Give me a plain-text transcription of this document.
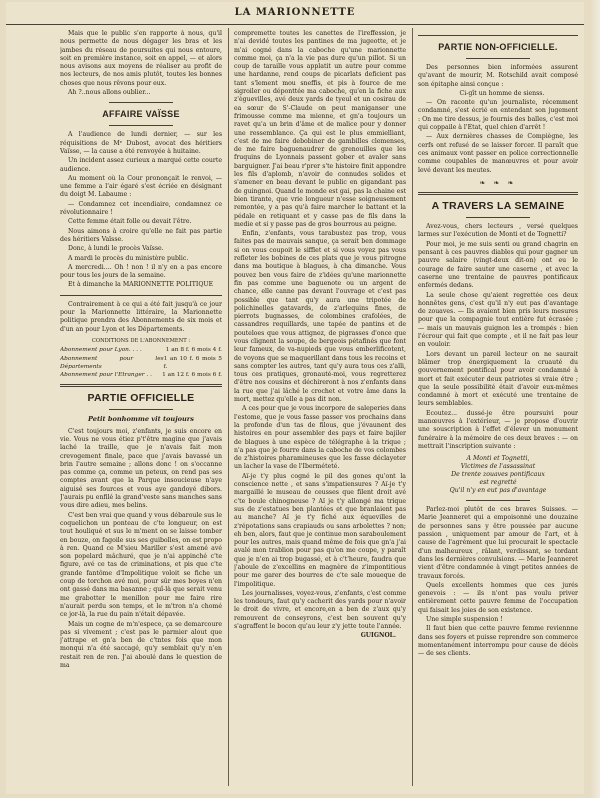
LA MARIONNETTE

Mais que le public s'en rapporte à nous, qu'il nous permette de nous dégager les bras et les jambes du réseau de poursuites qui nous entoure, soit en première instance, soit en appel, — et alors nous avisons aux moyens de réaliser au profit de nos lecteurs, de nos amis plutôt, toutes les bonnes choses que nous rêvons pour eux.

Ah ?..nous allons oublier...

AFFAIRE VAÏSSE

A l'audience de lundi dernier, — sur les réquisitions de Mᵉ Dubost, avocat des héritiers Vaïsse, — la cause a été renvoyée à huitaine.

Un incident assez curieux a marqué cette courte audience.

Au moment où la Cour prononçait le renvoi, — une femme a l'air égaré s'est écriée en désignant du doigt M. Labaume :

— Condamnez cet incendiaire, condamnez ce révolutionnaire !

Cette femme était folle ou devait l'être.

Nous aimons à croire qu'elle ne fait pas partie des héritiers Vaïsse.

Donc, à lundi le procès Vaïsse.

A mardi le procès du ministère public.

A mercredi.... Oh ! non ! il n'y en a pas encore pour tous les jours de la semaine.

Et à dimanche la MARIONNETTE POLITIQUE

Contrairement à ce qui a été fait jusqu'à ce jour pour la Marionnette littéraire, la Marionnette politique prendra des Abonnements de six mois et d'un an pour Lyon et les Départements.

CONDITIONS DE L'ABONNEMENT :

Abonnement pour Lyon. . . .	1 an 8 f. 6 mois 4 f.
Abonnement pour les Départements
1 an 10 f. 6 mois 5 f.
Abonnement pour l'Etranger . . 1 an 12 f. 6 mois 6 f.
PARTIE OFFICIELLE
Petit bonhomme vit toujours

C'est toujours moi, z'enfants, je suis encore en vie. Vous ne vous étiez p't'être magine que j'avais laché la traille, que je n'avais fait mon crevogement finale, pace que j'avais bavassé un brin l'autre semaine ; allons donc ! on s'occanne pas comme ça, comme un peteux, on rend pas ses comptes avant que la Parque insoucieuse n'aye aiguisé ses fources et vous aye gandoyé dibors. J'aurais pu enfilé la grand'veste sans manches sans vous dire adieu, mes belins.

C'est ben vrai que quand y vous débaroule sus le coquelichon un ponteau de c'te longueur, on est tout houliqué et sus le m'ment on se laisse tomber en bouze, on fagoile sus ses guibolles, on est propo à ren. Quand ce M'sieu Mariller s'est amené avé son popelard mâchuré, que je n'ai appinché c'te figure, avé ce tas de criminations, et pis que c'te grande fantôme d'Impolitique voloit se fiche un coup de torchon avé moi, pour sûr mes boyes n'en ont gassé dans ma basanne ; quî-là que serait venu me grabotter le menillon pour me faire rire n'aurait perdu son temps, et le m'tron n'a chomé ce jor-là, la rue du pain n'était dépavée.

Mais un cogne de m'n'espece, ça se demarcoure pas si vivement ; c'est pas le parmier alout que j'attrape et gn'a ben de c'tntes fois que mon monqui n'a été saccagé, qu'y semblait qu'y n'en restait ren de ren. J'ai aboulé dans le question de ma

compremette toutes les canettes de l'ireffession, je n'ai devidé toutes les pantines de ma jugeotte, et je m'ai cogné dans la caboche qu'une marionnette comme moi, ça n'a la vie pas dure qu'un pillot. Si un coup de taraille vous applatit un autre pour comme une hardanne, rend coups de picarlats deficient pas tant s'lement mou sneffis, et pis à fource de me sigroiler ou déponttée ma caboche, qu'en la fiche aux z'èguevilles, avé deux yards de tyeul et un cosirau de ea sœur de S'-Claude on peut maniganser une frimousse comme ma mienne, et gn'a toujours un ravet qu'a un brin d'âme et de malice pour y donner une ressemblance. Ça qui est le plus emmielliant, c'est de me faire debobiner de gambilles clemenses, de me faire baguenaudrer de grenouilles que les fruquins de Lyonnais passent gober et avaler sans barguigner. J'ai beau r'prer s'te histoire finit appondre les fils d'aplomb, n'avoir de connudes solides et s'amener en beau devant le public en gigandant pas de guingnoi. Quand le monde est gai, pas la chaine est bien tirante, que vrie longueur n'esse soigneusement remontée, y a pas qu'à faire marcher le battant et la pédale en retiquant et y casse pas de fils dans la medie et si y passe pas de gros bourrous au peigne.

Enfin, z'enfants, vous tarabustez pas trop, vous faites pas de mauvais sanque, ça serait ben dommage si on vous coupoit le sifflet et si vous voyez pas vous refleter les bobines de ces plats que je vous pitrogne dans ma boutique à blagues, à cha dimanche. Vous pouvez ben vous faire de z'idées qu'une marionnette fin pas comme une baguenote ou un argent de chance, elle canne pas devant l'ouvrage et c'est pas possible que tant qu'y aura une tripotée de polichinelles gatavards, de z'arlequins fines, de pierrots bugnasses, de colombines crafolées, de cassandres requillards, une tapée de pantins et de pouteloes que vous attignez, de pigrasses d'once que vous clignent la soupe, de bergeois pétafinés que font leur fameux, de va-nupieds que vous emberlificotent, de voyons que se maquerillant dans tous les recoins et sans compter les autres, tant qu'y aura tous ces z'alli, tous ces pratiques, gronauté-moi, vous regretterez d'être nos cousins et déchireront à nos z'enfants dans la rue que j'ai lâché le crochet et votre âme dans la mort, mettez qu'elle a pas dit non.

A ces pour que je vous incorpore de saleperies dans l'estome, que je vous fasse passer vos prochains dans la profonde d'un tas de filous, que j'évaunent des histoires en pour assembler des pays et faire bajiler de blagues à une espèce de télégraphe à la trique ; n'a pas que je fourre dans la caboche de vos colombes de z'histoires pharamineuses que les fasse déclayeter un lacher la vase de l'Iberméteté.

Aï-je t'y plus cogné le pil des gones qu'ont la conscience nette , et sans s'impatiensures ? Aï-je t'y margaillé le museau de ceusses que filent droit avé c'te boule chinogneuse ? Aï je t'y allongé ma trique sus de z'estatues ben plantées et que branlaient pas au manche? Aï je t'y fiché aux équevilles de z'répotations sans crapiauds ou sans arbolettes ? non; eh ben, alors, faut que je continue mon saraboulement pour les autres, mais quand même de fois que gn'a j'ai avalé mon trablion pour pas qu'on me coupe, y paraît que je n'en ai trop bugassé, et à c't'heure, faudra que j'aboule de z'excellins en magnère de z'impontitious pour me garer des bourres de c'te sale moueque de l'impolitique.

Les journalisses, voyez-vous, z'enfants, c'est comme les tondeurs, faut qu'y cacherit des yards pour n'avoir le droit de vivre, et encore,en a ben de z'aux qu'y remouvent de conseyrons, c'est ben souvent qu'y s'agraffent le bocon qu'au leur z'y jette toute l'année.

GUIGNOL.
PARTIE NON-OFFICIELLE.

Des personnes bien informées assurent qu'avant de mourir, M. Rotschild avait composé son épitaphe ainsi conçue :

Ci-gît un homme de sienss.

— On raconte qu'un journaliste, récemment condamné, s'est écrié en entendant son jugement : On me tire dessus, je fournis des balles, c'est moi qui coppaile à l'Etat, quel chien d'arrêt !

— Aux dernières chasses de Compiègne, les cerfs ont refusé de se laisser forcer. Il paraît que ces animaux vont passer en police correctionnelle comme coupables de manœuvres et pour avoir levé devant les meutes.

❧ ❧ ❧
A TRAVERS LA SEMAINE

Avez-vous, chers lecteurs , versé quelques larmes sur l'exécution de Monti et de Tognetti?

Pour moi, je me suis senti ou grand chagrin en pensant à ces pauvres diables qui pour gagner un pauvre salaire (vingt-deux dit-on) ont eu le courage de faire sauter une caserne , et avec la caserne une trentaine de pauvres pontificaux enfermés dedans.

La seule chose qu'aient regrettée ces deux honnêtes gens, c'est qu'il n'y eut pas d'avantage de zouaves. — Ils avaient bien pris leurs mesures pour que la compagnie tout entière fut écrasée ; — mais un mauvais guignon les a trompés : bien l'écrour qui fait que compte , et il ne fait pas leur en vouloir.

Lors devant un pareil lecteur on ne saurait blâmer trop énergiquement la cruauté du gouvernement pontifical pour avoir condamné à mort et fait exécuter deux patriotes si vraie étre ; que la seule possibilité était d'avoir eux-mêmes condamné à mort et exécuté une trentaine de leurs semblables.

Ecoutez... dussé-je être poursuivi pour manœuvres à l'extérieur, — je propose d'ouvrir une souscription à l'effet d'élever un monument funéraire à la mémoire de ces deux braves : — on mettrait l'inscription suivante :

A Monti et Tognetti,
Victimes de l'assassinat
De trente zouaves pontificaux
est regretté
Qu'il n'y en eut pas d'avantage

Parlez-moi plutôt de ces braves Suisses. — Marie Jeanneret qui a empoisonné une douzaine de personnes sans y être poussée par aucune passion , uniquement par amour de l'art, et à cause de l'agrément que lui procurait le spectacle d'un malheureux , râlant, verdissant, se tordant dans les dernières convulsions. — Marie Jeanneret vient d'être condamnée à vingt petites années de travaux forcés.

Quels excellents hommes que ces jurés genevois : — ils n'ont pas voulu priver entièrement cette pauvre femme de l'occupation qui faisait les joies de son existence.

Une simple suspension !

Il faut bien que cette pauvre femme reviennne dans ses foyers et puisse reprendre son commerce momentanément interrompu pour cause de décès — de ses clients.
